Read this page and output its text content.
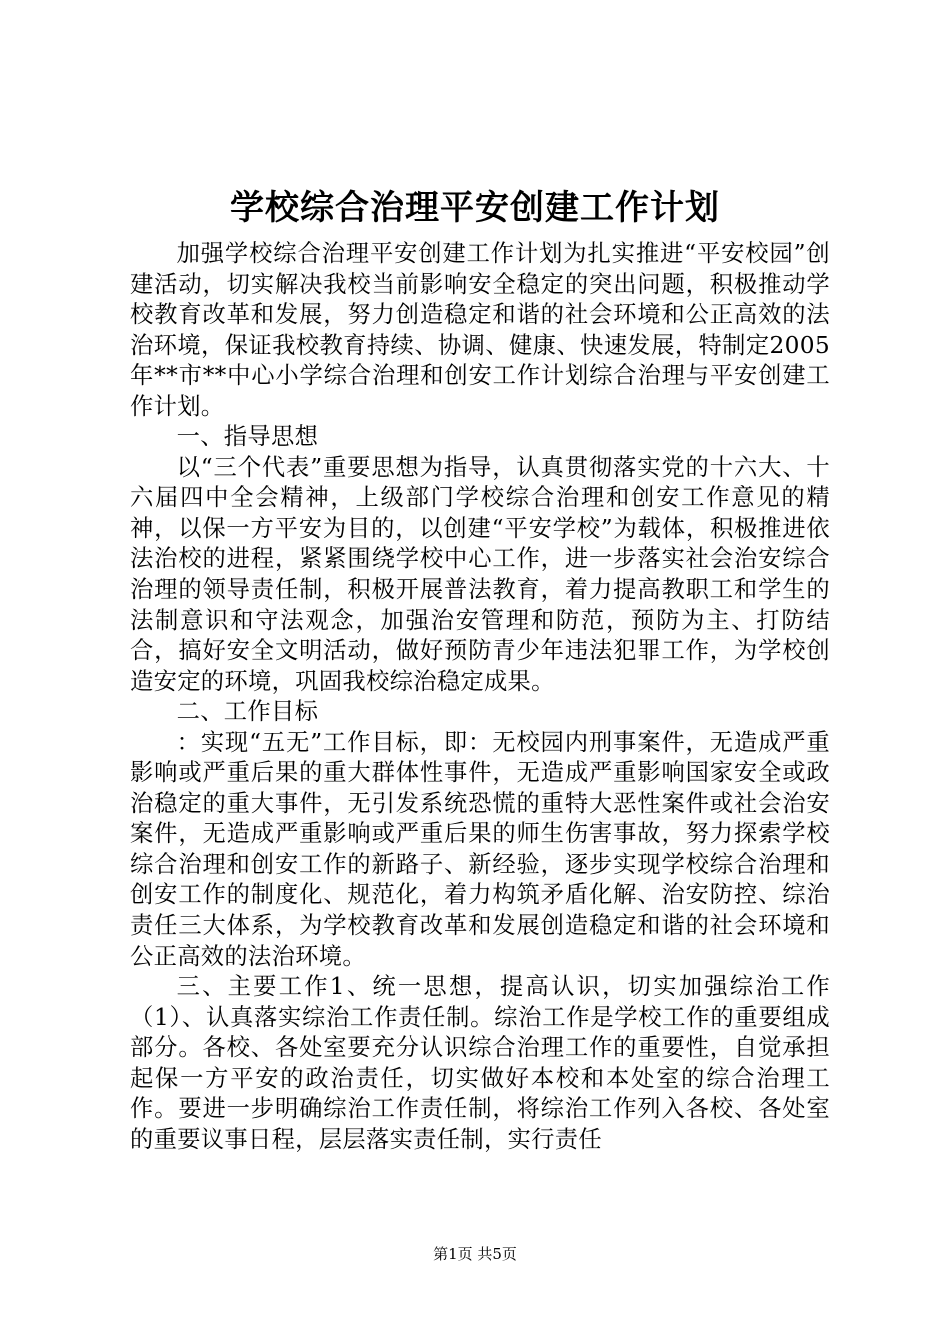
学校综合治理平安创建工作计划

加强学校综合治理平安创建工作计划为扎实推进“平安校园”创建活动，切实解决我校当前影响安全稳定的突出问题，积极推动学校教育改革和发展，努力创造稳定和谐的社会环境和公正高效的法治环境，保证我校教育持续、协调、健康、快速发展，特制定2005年**市**中心小学综合治理和创安工作计划综合治理与平安创建工作计划。

一、指导思想

以“三个代表”重要思想为指导，认真贯彻落实党的十六大、十六届四中全会精神，上级部门学校综合治理和创安工作意见的精神，以保一方平安为目的，以创建“平安学校”为载体，积极推进依法治校的进程，紧紧围绕学校中心工作，进一步落实社会治安综合治理的领导责任制，积极开展普法教育，着力提高教职工和学生的法制意识和守法观念，加强治安管理和防范，预防为主、打防结合，搞好安全文明活动，做好预防青少年违法犯罪工作，为学校创造安定的环境，巩固我校综治稳定成果。

二、工作目标

：实现“五无”工作目标，即：无校园内刑事案件，无造成严重影响或严重后果的重大群体性事件，无造成严重影响国家安全或政治稳定的重大事件，无引发系统恐慌的重特大恶性案件或社会治安案件，无造成严重影响或严重后果的师生伤害事故，努力探索学校综合治理和创安工作的新路子、新经验，逐步实现学校综合治理和创安工作的制度化、规范化，着力构筑矛盾化解、治安防控、综治责任三大体系，为学校教育改革和发展创造稳定和谐的社会环境和公正高效的法治环境。

三、主要工作1、统一思想，提高认识，切实加强综治工作（1）、认真落实综治工作责任制。综治工作是学校工作的重要组成部分。各校、各处室要充分认识综合治理工作的重要性，自觉承担起保一方平安的政治责任，切实做好本校和本处室的综合治理工作。要进一步明确综治工作责任制，将综治工作列入各校、各处室的重要议事日程，层层落实责任制，实行责任

第1页 共5页
